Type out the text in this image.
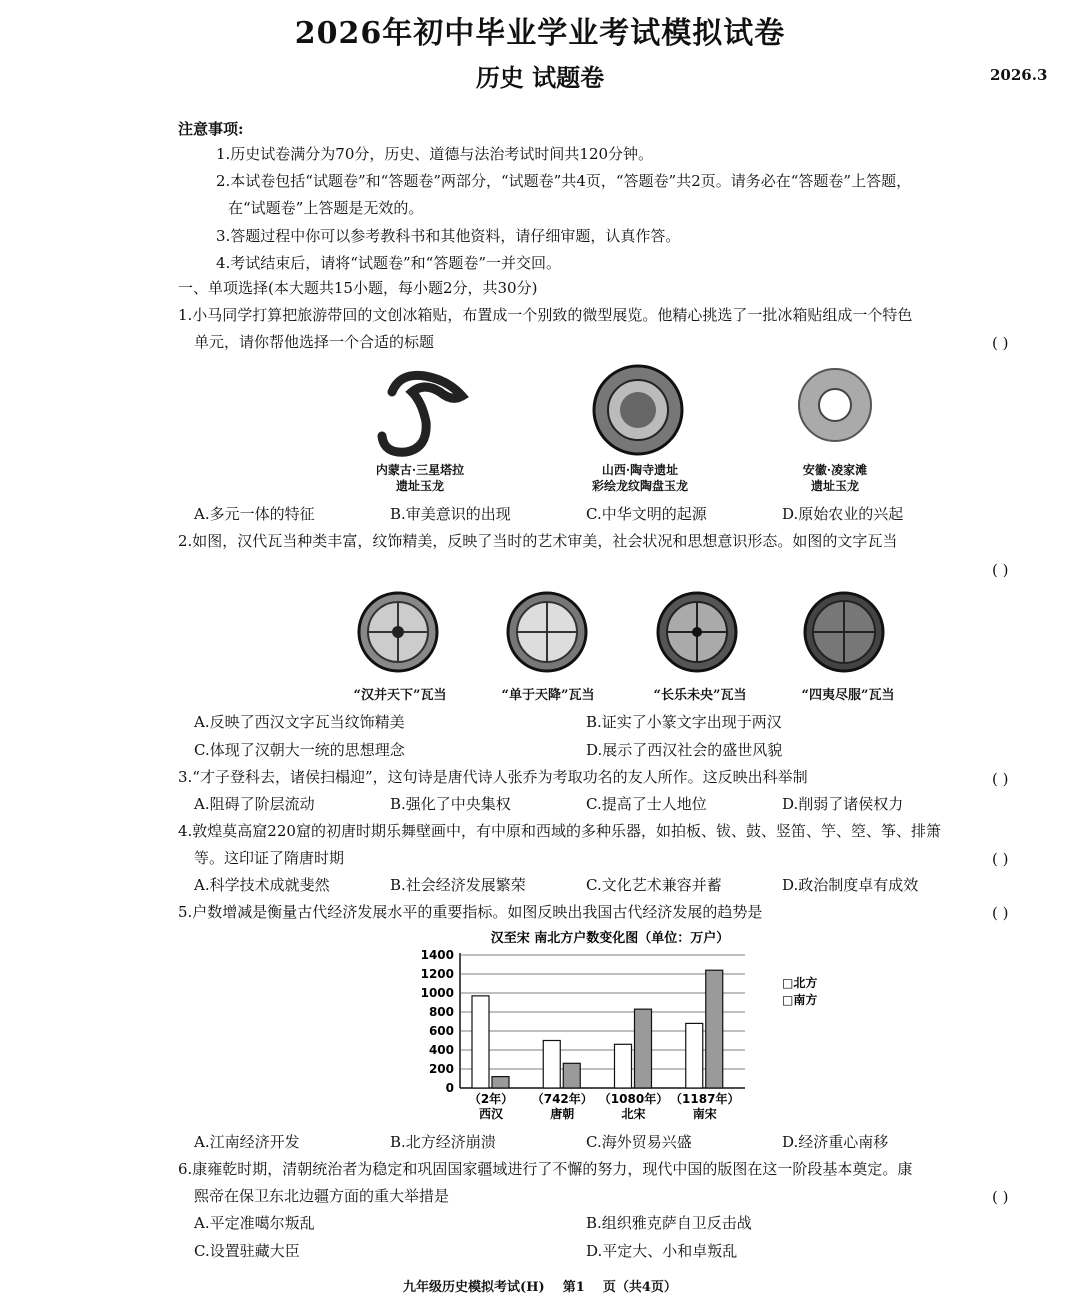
2026年初中毕业学业考试模拟试卷
历史 试题卷	2026.3
注意事项:
1.历史试卷满分为70分，历史、道德与法治考试时间共120分钟。
2.本试卷包括“试题卷”和“答题卷”两部分，“试题卷”共4页，“答题卷”共2页。请务必在“答题卷”上答题，
在“试题卷”上答题是无效的。
3.答题过程中你可以参考教科书和其他资料，请仔细审题，认真作答。
4.考试结束后，请将“试题卷”和“答题卷”一并交回。
一、单项选择(本大题共15小题，每小题2分，共30分)
1.小马同学打算把旅游带回的文创冰箱贴，布置成一个别致的微型展览。他精心挑选了一批冰箱贴组成一个特色
单元，请你帮他选择一个合适的标题	( )
内蒙古·三星塔拉
遗址玉龙
山西·陶寺遗址
彩绘龙纹陶盘玉龙
安徽·凌家滩
遗址玉龙
A.多元一体的特征	B.审美意识的出现	C.中华文明的起源	D.原始农业的兴起
2.如图，汉代瓦当种类丰富，纹饰精美，反映了当时的艺术审美，社会状况和思想意识形态。如图的文字瓦当
( )
“汉并天下”瓦当	“单于天降”瓦当	“长乐未央”瓦当	“四夷尽服”瓦当
A.反映了西汉文字瓦当纹饰精美	B.证实了小篆文字出现于两汉
C.体现了汉朝大一统的思想理念	D.展示了西汉社会的盛世风貌
3.“才子登科去，诸侯扫榻迎”，这句诗是唐代诗人张乔为考取功名的友人所作。这反映出科举制	( )
A.阻碍了阶层流动	B.强化了中央集权	C.提高了士人地位	D.削弱了诸侯权力
4.敦煌莫高窟220窟的初唐时期乐舞壁画中，有中原和西域的多种乐器，如拍板、钹、鼓、竖笛、竽、箜、筝、排箫
等。这印证了隋唐时期	( )
A.科学技术成就斐然	B.社会经济发展繁荣	C.文化艺术兼容并蓄	D.政治制度卓有成效
5.户数增减是衡量古代经济发展水平的重要指标。如图反映出我国古代经济发展的趋势是	( )
汉至宋 南北方户数变化图（单位：万户）
0
200
400
600
800
1000
1200
1400
（2年）
西汉
（742年）
唐朝
（1080年）
北宋
（1187年）
南宋
□北方
□南方
A.江南经济开发	B.北方经济崩溃	C.海外贸易兴盛	D.经济重心南移
6.康雍乾时期，清朝统治者为稳定和巩固国家疆域进行了不懈的努力，现代中国的版图在这一阶段基本奠定。康
熙帝在保卫东北边疆方面的重大举措是	( )
A.平定准噶尔叛乱	B.组织雅克萨自卫反击战
C.设置驻藏大臣	D.平定大、小和卓叛乱
九年级历史模拟考试(H)    第1    页（共4页）
